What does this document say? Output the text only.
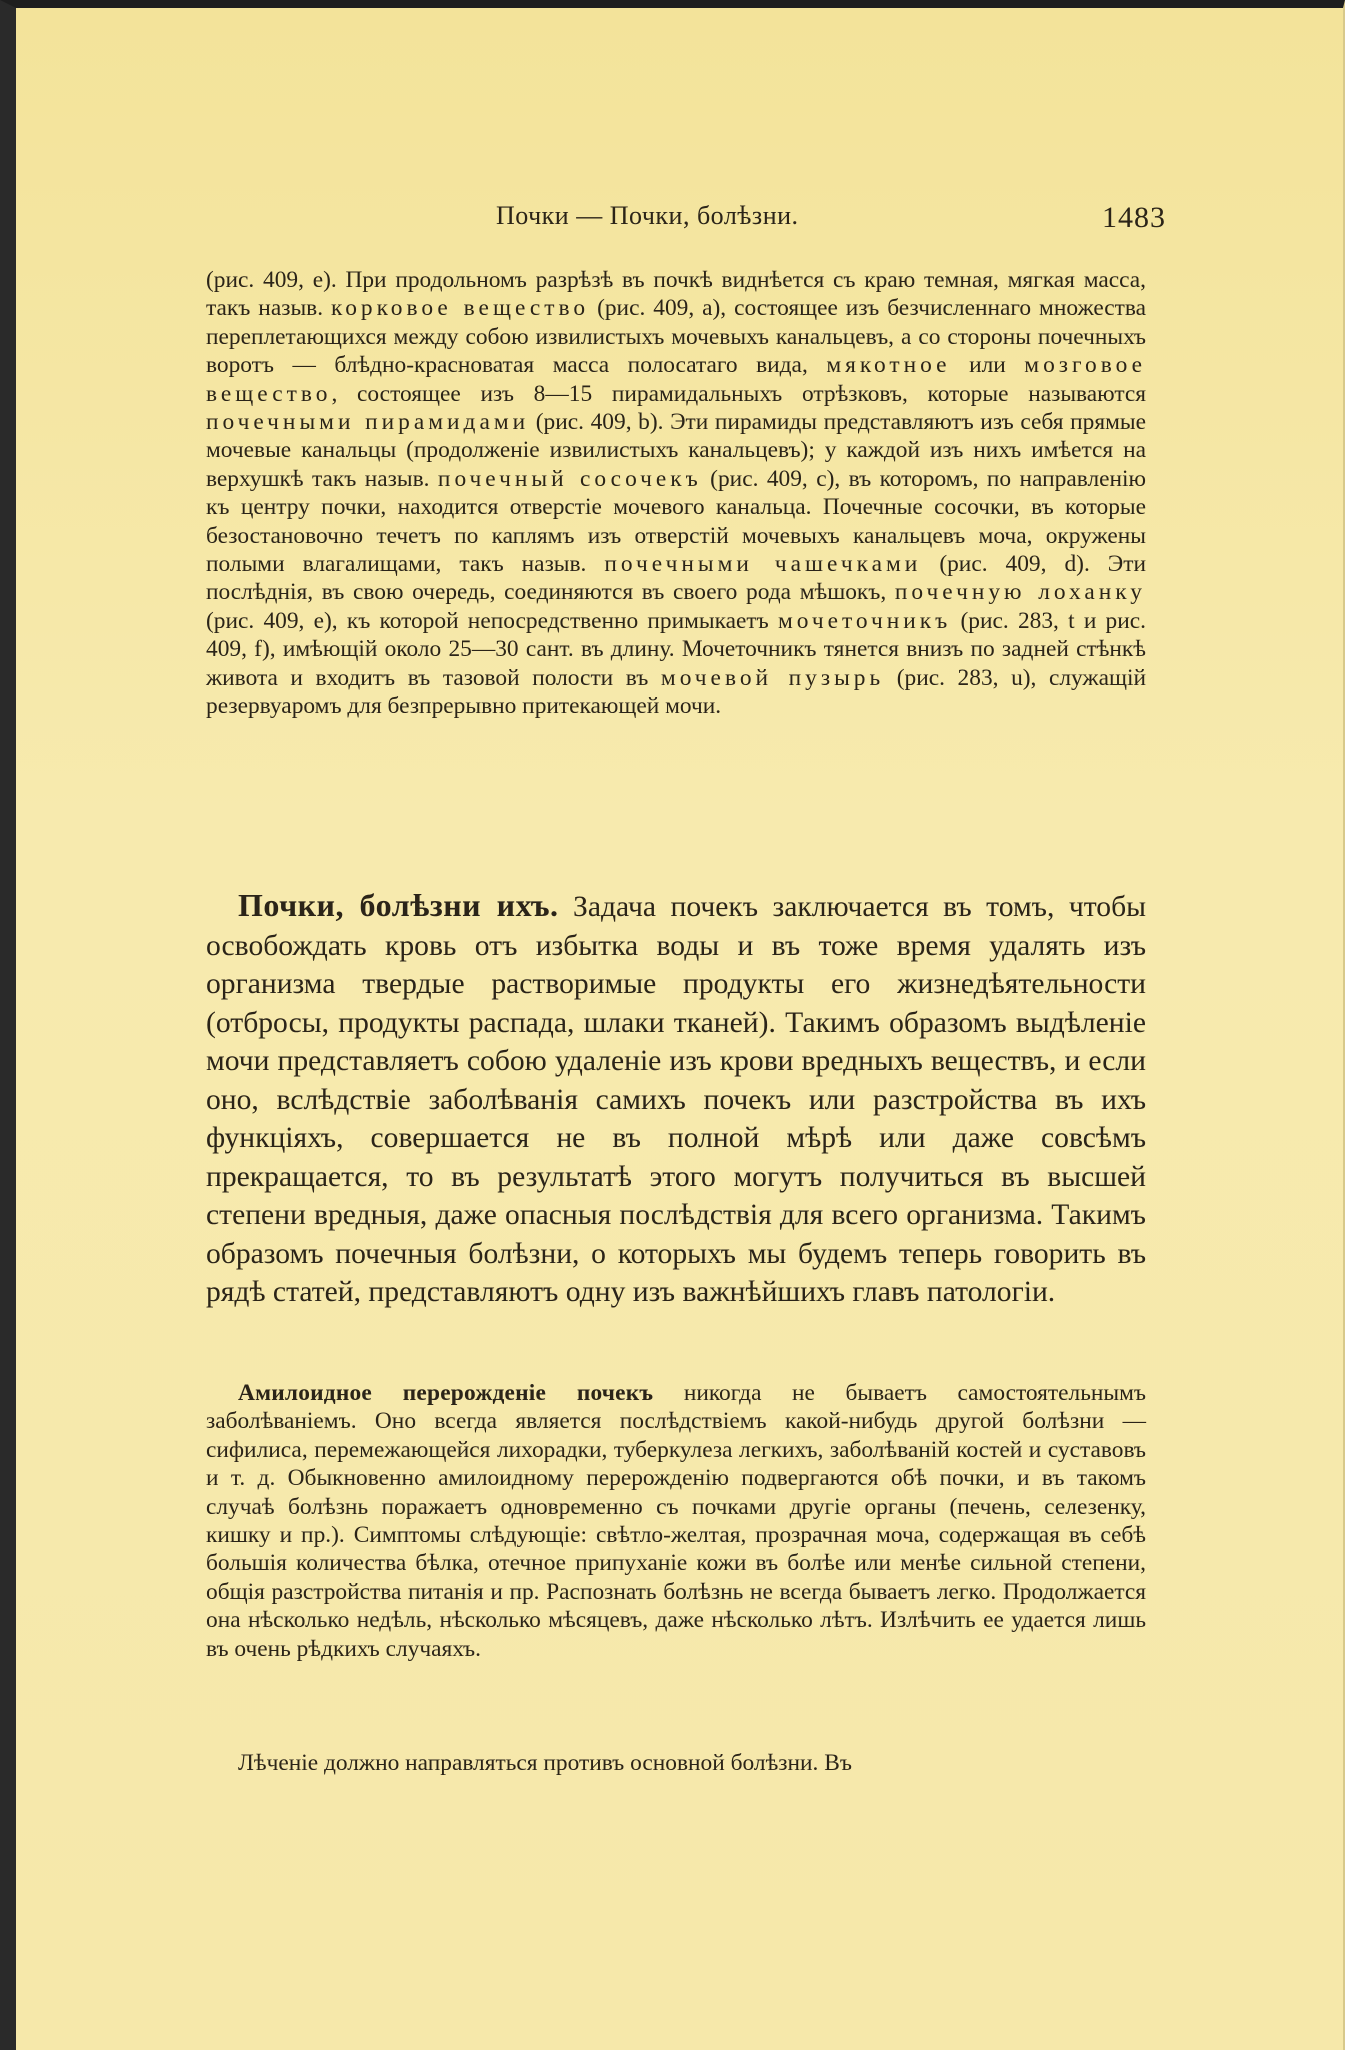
Почки — Почки, болѣзни.	1483

(рис. 409, е). При продольномъ разрѣзѣ въ почкѣ виднѣется съ краю темная, мягкая масса, такъ назыв. корковое вещество (рис. 409, a), состоящее изъ безчисленнаго множества переплетающихся между собою извилистыхъ мочевыхъ канальцевъ, а со стороны почечныхъ воротъ — блѣдно-красноватая масса полосатаго вида, мякотное или мозговое вещество, состоящее изъ 8—15 пирамидальныхъ отрѣзковъ, которые называются почечными пирамидами (рис. 409, b). Эти пирамиды представляютъ изъ себя прямые мочевые канальцы (продолженіе извилистыхъ канальцевъ); у каждой изъ нихъ имѣется на верхушкѣ такъ назыв. почечный сосочекъ (рис. 409, c), въ которомъ, по направленію къ центру почки, находится отверстіе мочевого канальца. Почечные сосочки, въ которые безостановочно течетъ по каплямъ изъ отверстій мочевыхъ канальцевъ моча, окружены полыми влагалищами, такъ назыв. почечными чашечками (рис. 409, d). Эти послѣднія, въ свою очередь, соединяются въ своего рода мѣшокъ, почечную лоханку (рис. 409, е), къ которой непосредственно примыкаетъ мочеточникъ (рис. 283, t и рис. 409, f), имѣющій около 25—30 сант. въ длину. Мочеточникъ тянется внизъ по задней стѣнкѣ живота и входитъ въ тазовой полости въ мочевой пузырь (рис. 283, u), служащій резервуаромъ для безпрерывно притекающей мочи.

Почки, болѣзни ихъ. Задача почекъ заключается въ томъ, чтобы освобождать кровь отъ избытка воды и въ тоже время удалять изъ организма твердые растворимые продукты его жизнедѣятельности (отбросы, продукты распада, шлаки тканей). Такимъ образомъ выдѣленіе мочи представляетъ собою удаленіе изъ крови вредныхъ веществъ, и если оно, вслѣдствіе заболѣванія самихъ почекъ или разстройства въ ихъ функціяхъ, совершается не въ полной мѣрѣ или даже совсѣмъ прекращается, то въ результатѣ этого могутъ получиться въ высшей степени вредныя, даже опасныя послѣдствія для всего организма. Такимъ образомъ почечныя болѣзни, о которыхъ мы будемъ теперь говорить въ рядѣ статей, представляютъ одну изъ важнѣйшихъ главъ патологіи.

Амилоидное перерожденіе почекъ никогда не бываетъ самостоятельнымъ заболѣваніемъ. Оно всегда является послѣдствіемъ какой-нибудь другой болѣзни — сифилиса, перемежающейся лихорадки, туберкулеза легкихъ, заболѣваній костей и суставовъ и т. д. Обыкновенно амилоидному перерожденію подвергаются обѣ почки, и въ такомъ случаѣ болѣзнь поражаетъ одновременно съ почками другіе органы (печень, селезенку, кишку и пр.). Симптомы слѣдующіе: свѣтло-желтая, прозрачная моча, содержащая въ себѣ большія количества бѣлка, отечное припуханіе кожи въ болѣе или менѣе сильной степени, общія разстройства питанія и пр. Распознать болѣзнь не всегда бываетъ легко. Продолжается она нѣсколько недѣль, нѣсколько мѣсяцевъ, даже нѣсколько лѣтъ. Излѣчить ее удается лишь въ очень рѣдкихъ случаяхъ.

Лѣченіе должно направляться противъ основной болѣзни. Въ
